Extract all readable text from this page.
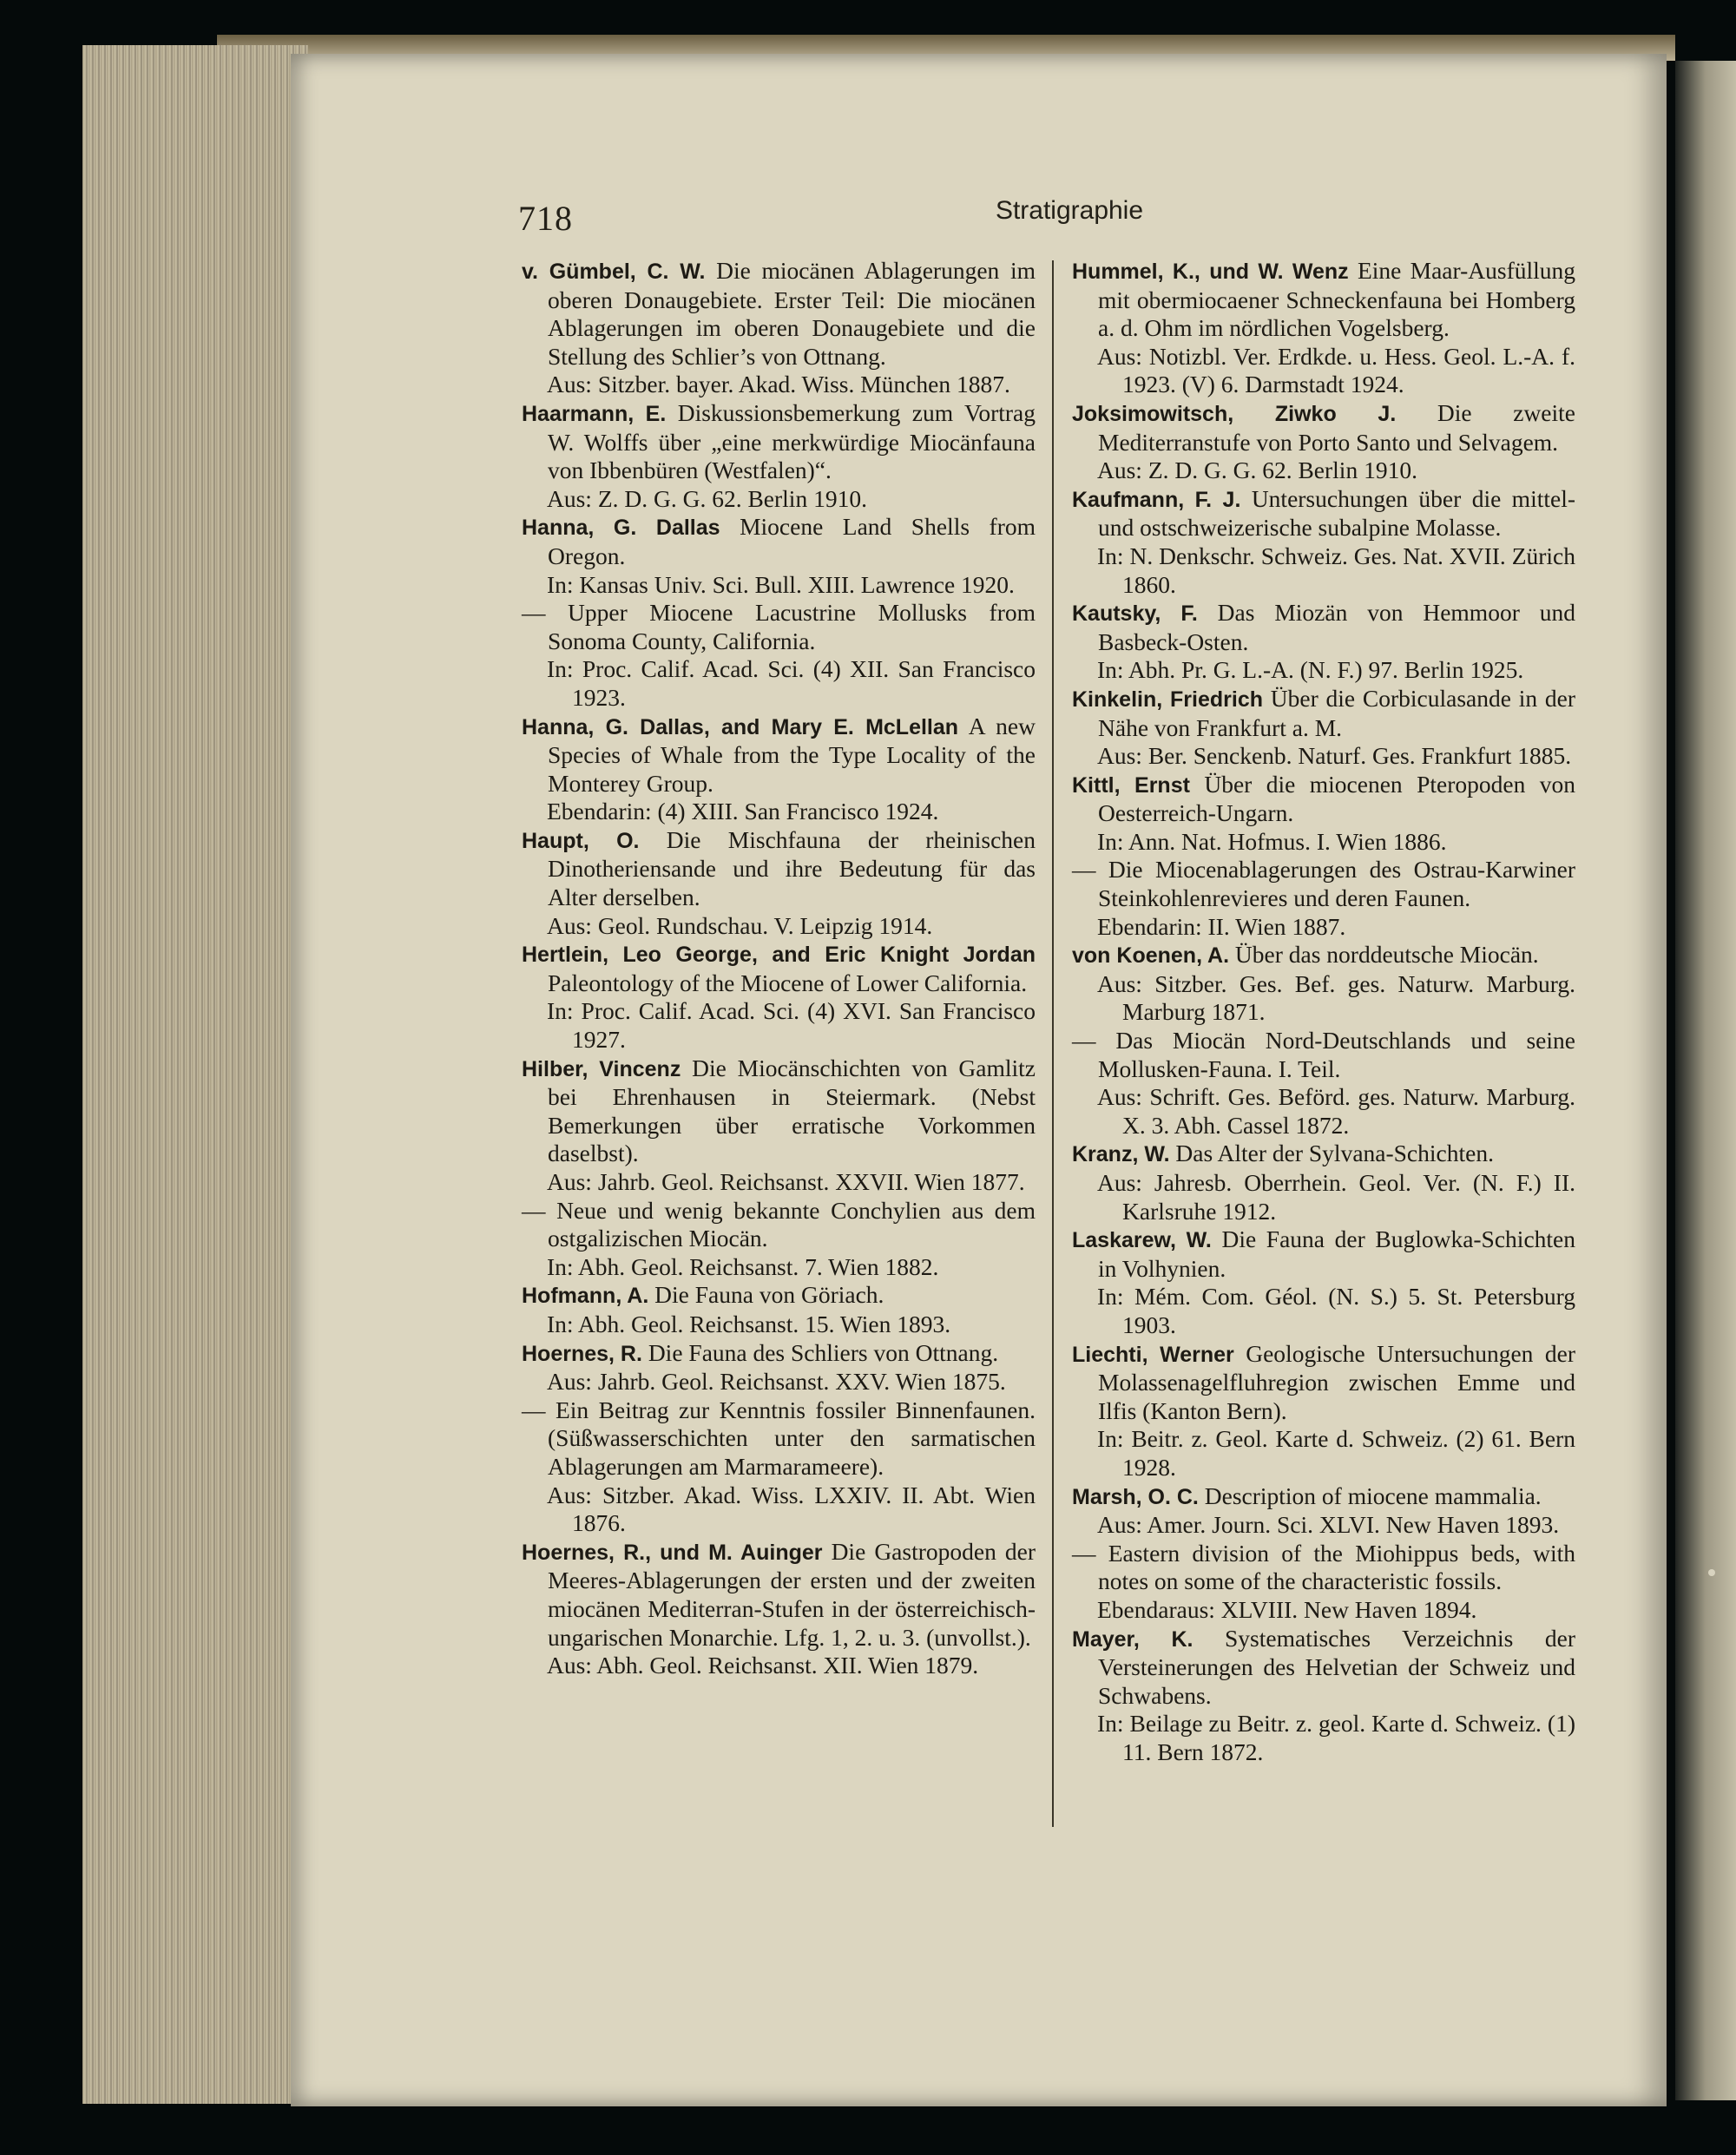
718	Stratigraphie

v. Gümbel, C. W. Die miocänen Ablagerungen im oberen Donaugebiete. Erster Teil: Die miocänen Ablagerungen im oberen Donaugebiete und die Stellung des Schlier’s von Ottnang.

Aus: Sitzber. bayer. Akad. Wiss. München 1887.

Haarmann, E. Diskussionsbemerkung zum Vortrag W. Wolffs über „eine merkwürdige Miocänfauna von Ibbenbüren (Westfalen)“.

Aus: Z. D. G. G. 62. Berlin 1910.

Hanna, G. Dallas Miocene Land Shells from Oregon.

In: Kansas Univ. Sci. Bull. XIII. Lawrence 1920.

— Upper Miocene Lacustrine Mollusks from Sonoma County, California.

In: Proc. Calif. Acad. Sci. (4) XII. San Francisco 1923.

Hanna, G. Dallas, and Mary E. McLellan A new Species of Whale from the Type Locality of the Monterey Group.

Ebendarin: (4) XIII. San Francisco 1924.

Haupt, O. Die Mischfauna der rheinischen Dinotheriensande und ihre Bedeutung für das Alter derselben.

Aus: Geol. Rundschau. V. Leipzig 1914.

Hertlein, Leo George, and Eric Knight Jordan Paleontology of the Miocene of Lower California.

In: Proc. Calif. Acad. Sci. (4) XVI. San Francisco 1927.

Hilber, Vincenz Die Miocänschichten von Gamlitz bei Ehrenhausen in Steiermark. (Nebst Bemerkungen über erratische Vorkommen daselbst).

Aus: Jahrb. Geol. Reichsanst. XXVII. Wien 1877.

— Neue und wenig bekannte Conchylien aus dem ostgalizischen Miocän.

In: Abh. Geol. Reichsanst. 7. Wien 1882.

Hofmann, A. Die Fauna von Göriach.

In: Abh. Geol. Reichsanst. 15. Wien 1893.

Hoernes, R. Die Fauna des Schliers von Ottnang.

Aus: Jahrb. Geol. Reichsanst. XXV. Wien 1875.

— Ein Beitrag zur Kenntnis fossiler Binnenfaunen. (Süßwasserschichten unter den sarmatischen Ablagerungen am Marmarameere).

Aus: Sitzber. Akad. Wiss. LXXIV. II. Abt. Wien 1876.

Hoernes, R., und M. Auinger Die Gastropoden der Meeres-Ablagerungen der ersten und der zweiten miocänen Mediterran-Stufen in der österreichisch-ungarischen Monarchie. Lfg. 1, 2. u. 3. (unvollst.).

Aus: Abh. Geol. Reichsanst. XII. Wien 1879.

Hummel, K., und W. Wenz Eine Maar-Ausfüllung mit obermiocaener Schneckenfauna bei Homberg a. d. Ohm im nördlichen Vogelsberg.

Aus: Notizbl. Ver. Erdkde. u. Hess. Geol. L.-A. f. 1923. (V) 6. Darmstadt 1924.

Joksimowitsch, Ziwko J. Die zweite Mediterranstufe von Porto Santo und Selvagem.

Aus: Z. D. G. G. 62. Berlin 1910.

Kaufmann, F. J. Untersuchungen über die mittel- und ostschweizerische subalpine Molasse.

In: N. Denkschr. Schweiz. Ges. Nat. XVII. Zürich 1860.

Kautsky, F. Das Miozän von Hemmoor und Basbeck-Osten.

In: Abh. Pr. G. L.-A. (N. F.) 97. Berlin 1925.

Kinkelin, Friedrich Über die Corbiculasande in der Nähe von Frankfurt a. M.

Aus: Ber. Senckenb. Naturf. Ges. Frankfurt 1885.

Kittl, Ernst Über die miocenen Pteropoden von Oesterreich-Ungarn.

In: Ann. Nat. Hofmus. I. Wien 1886.

— Die Miocenablagerungen des Ostrau-Karwiner Steinkohlenrevieres und deren Faunen.

Ebendarin: II. Wien 1887.

von Koenen, A. Über das norddeutsche Miocän.

Aus: Sitzber. Ges. Bef. ges. Naturw. Marburg. Marburg 1871.

— Das Miocän Nord-Deutschlands und seine Mollusken-Fauna. I. Teil.

Aus: Schrift. Ges. Beförd. ges. Naturw. Marburg. X. 3. Abh. Cassel 1872.

Kranz, W. Das Alter der Sylvana-Schichten.

Aus: Jahresb. Oberrhein. Geol. Ver. (N. F.) II. Karlsruhe 1912.

Laskarew, W. Die Fauna der Buglowka-Schichten in Volhynien.

In: Mém. Com. Géol. (N. S.) 5. St. Petersburg 1903.

Liechti, Werner Geologische Untersuchungen der Molassenagelfluhregion zwischen Emme und Ilfis (Kanton Bern).

In: Beitr. z. Geol. Karte d. Schweiz. (2) 61. Bern 1928.

Marsh, O. C. Description of miocene mammalia.

Aus: Amer. Journ. Sci. XLVI. New Haven 1893.

— Eastern division of the Miohippus beds, with notes on some of the characteristic fossils.

Ebendaraus: XLVIII. New Haven 1894.

Mayer, K. Systematisches Verzeichnis der Versteinerungen des Helvetian der Schweiz und Schwabens.

In: Beilage zu Beitr. z. geol. Karte d. Schweiz. (1) 11. Bern 1872.
